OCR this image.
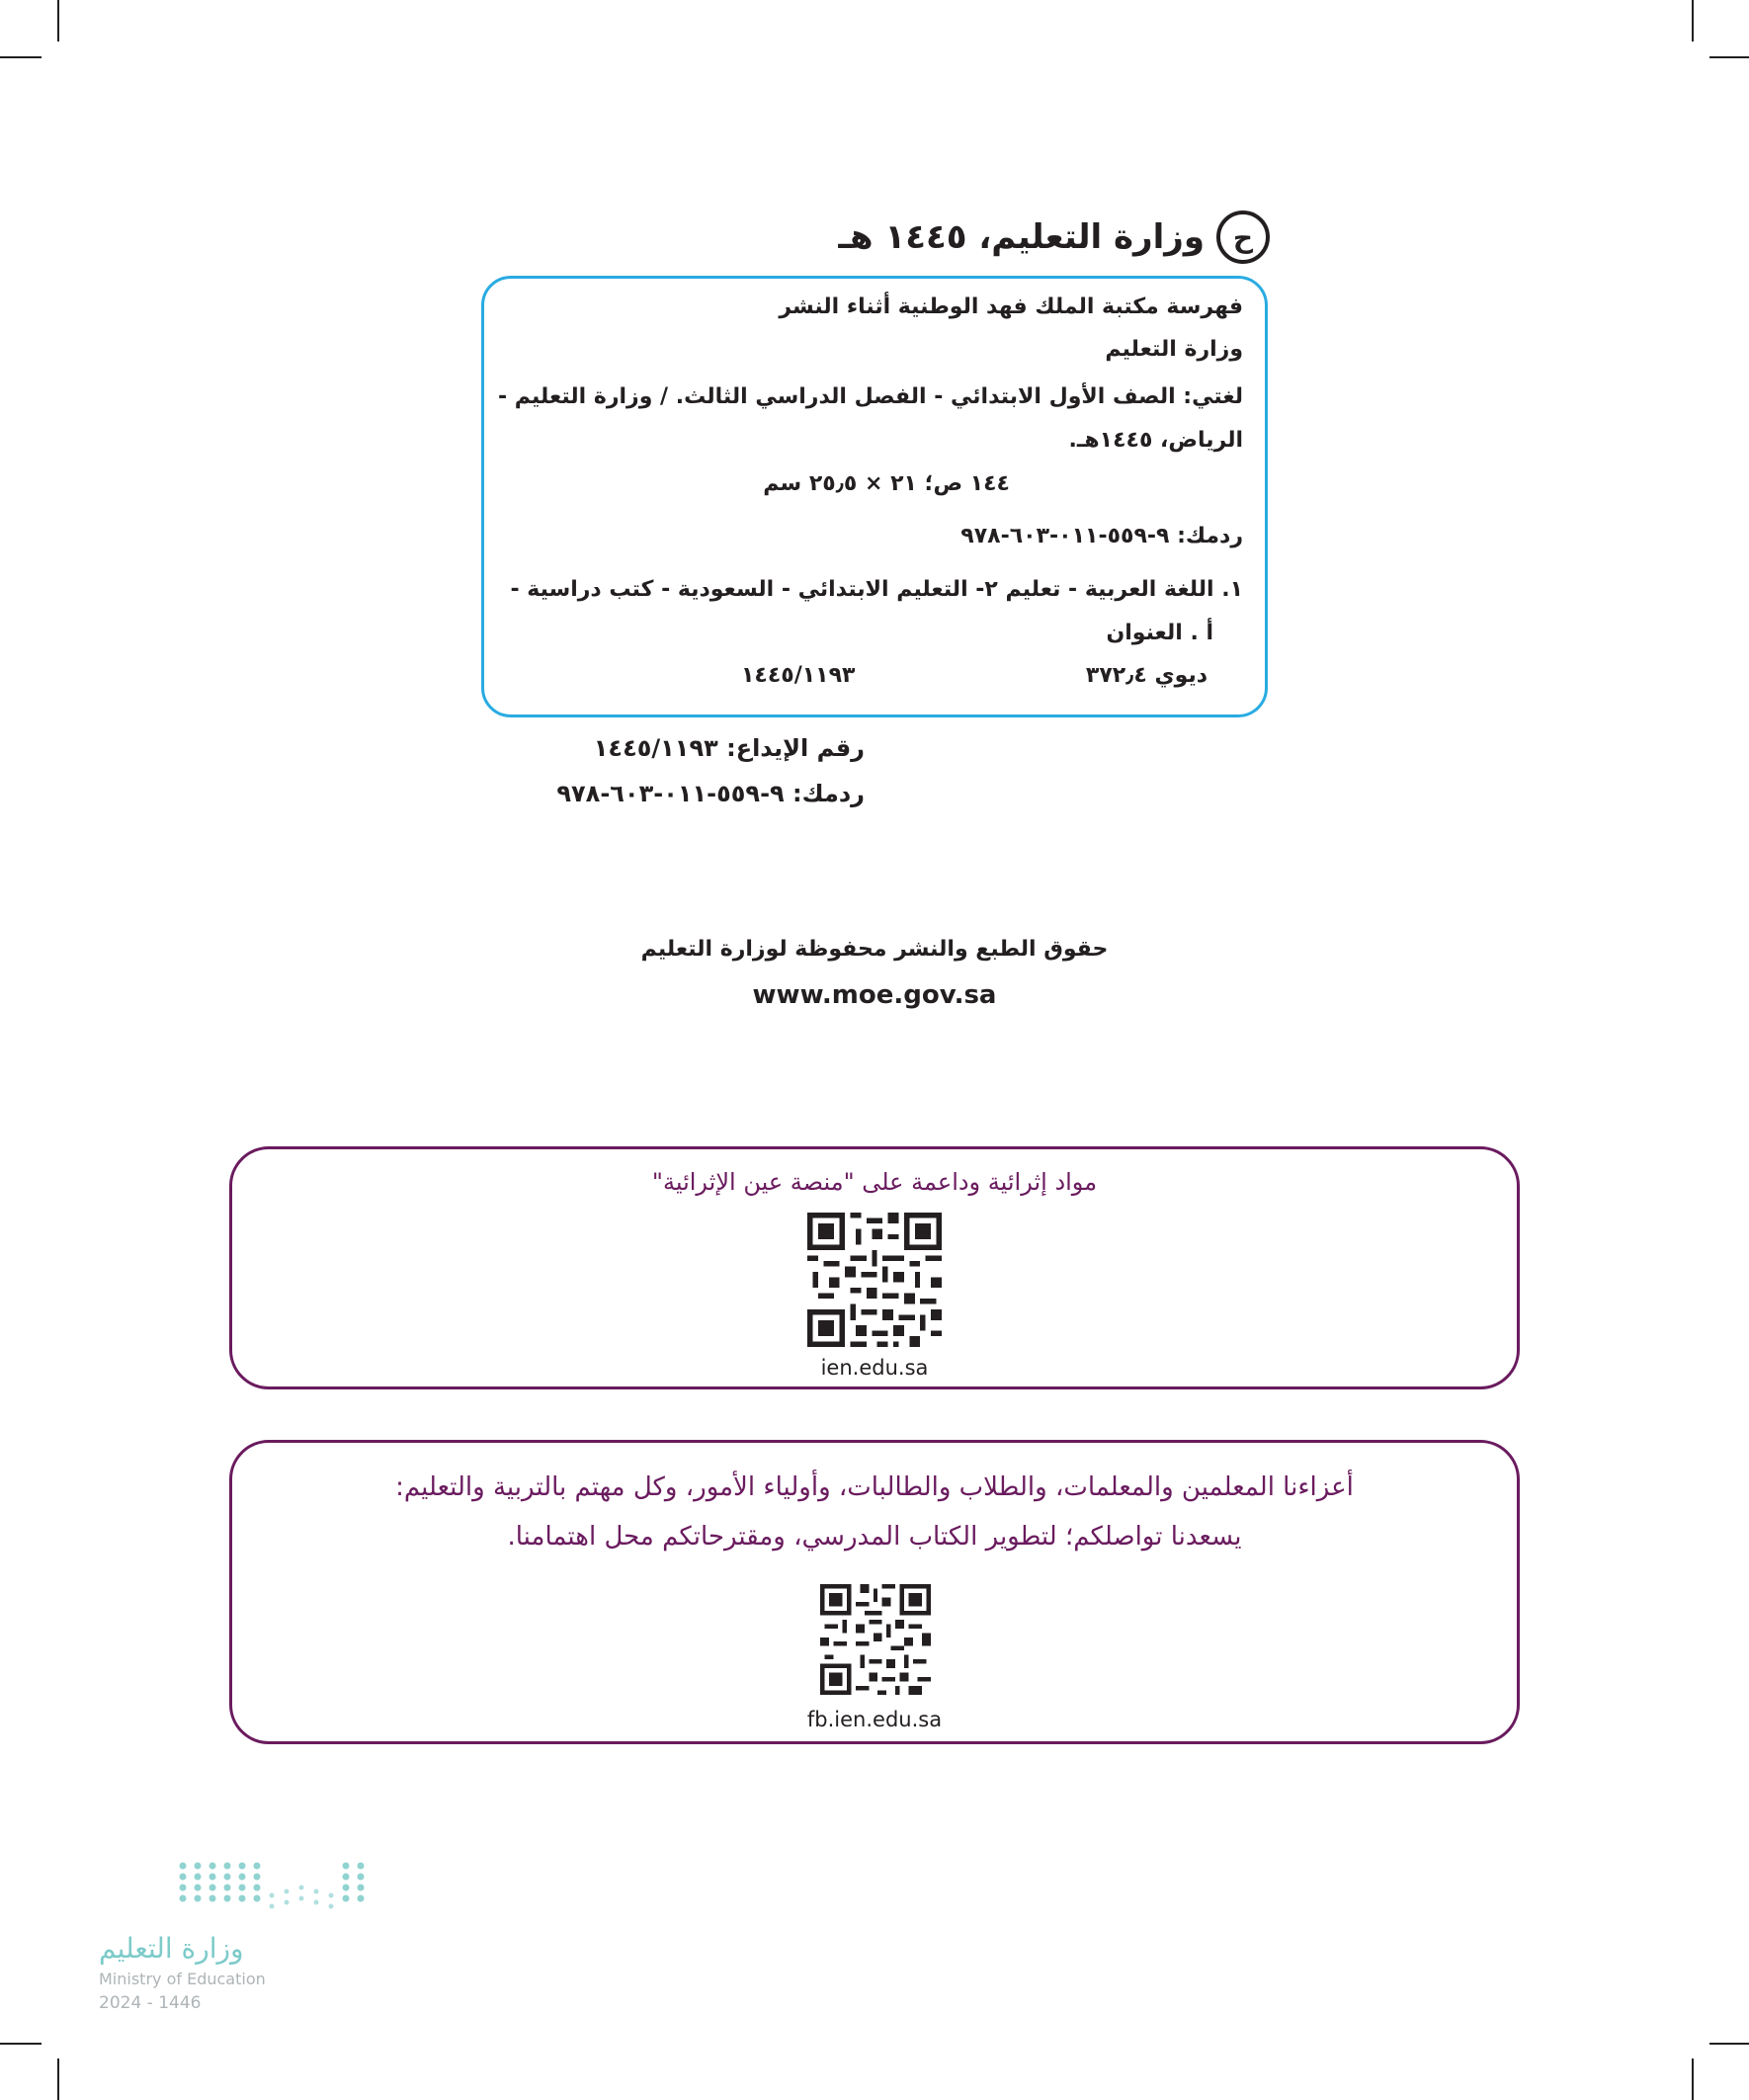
ح
وزارة التعليم، ١٤٤٥ هـ
فهرسة مكتبة الملك فهد الوطنية أثناء النشر
وزارة التعليم
لغتي: الصف الأول الابتدائي - الفصل الدراسي الثالث. / وزارة التعليم -
الرياض، ١٤٤٥هـ.
١٤٤ ص؛ ٢١ × ٢٥٫٥ سم
ردمك: ٩-٥٥٩-٠١١-٦٠٣-٩٧٨
١. اللغة العربية - تعليم ٢- التعليم الابتدائي - السعودية - كتب دراسية -
أ . العنوان
ديوي ٣٧٢٫٤
١٤٤٥/١١٩٣
رقم الإيداع: ١٤٤٥/١١٩٣
ردمك: ٩-٥٥٩-٠١١-٦٠٣-٩٧٨
حقوق الطبع والنشر محفوظة لوزارة التعليم
www.moe.gov.sa
مواد إثرائية وداعمة على "منصة عين الإثرائية"
ien.edu.sa
أعزاءنا المعلمين والمعلمات، والطلاب والطالبات، وأولياء الأمور، وكل مهتم بالتربية والتعليم:
يسعدنا تواصلكم؛ لتطوير الكتاب المدرسي، ومقترحاتكم محل اهتمامنا.
fb.ien.edu.sa
وزارة التعليم
Ministry of Education
2024 - 1446
